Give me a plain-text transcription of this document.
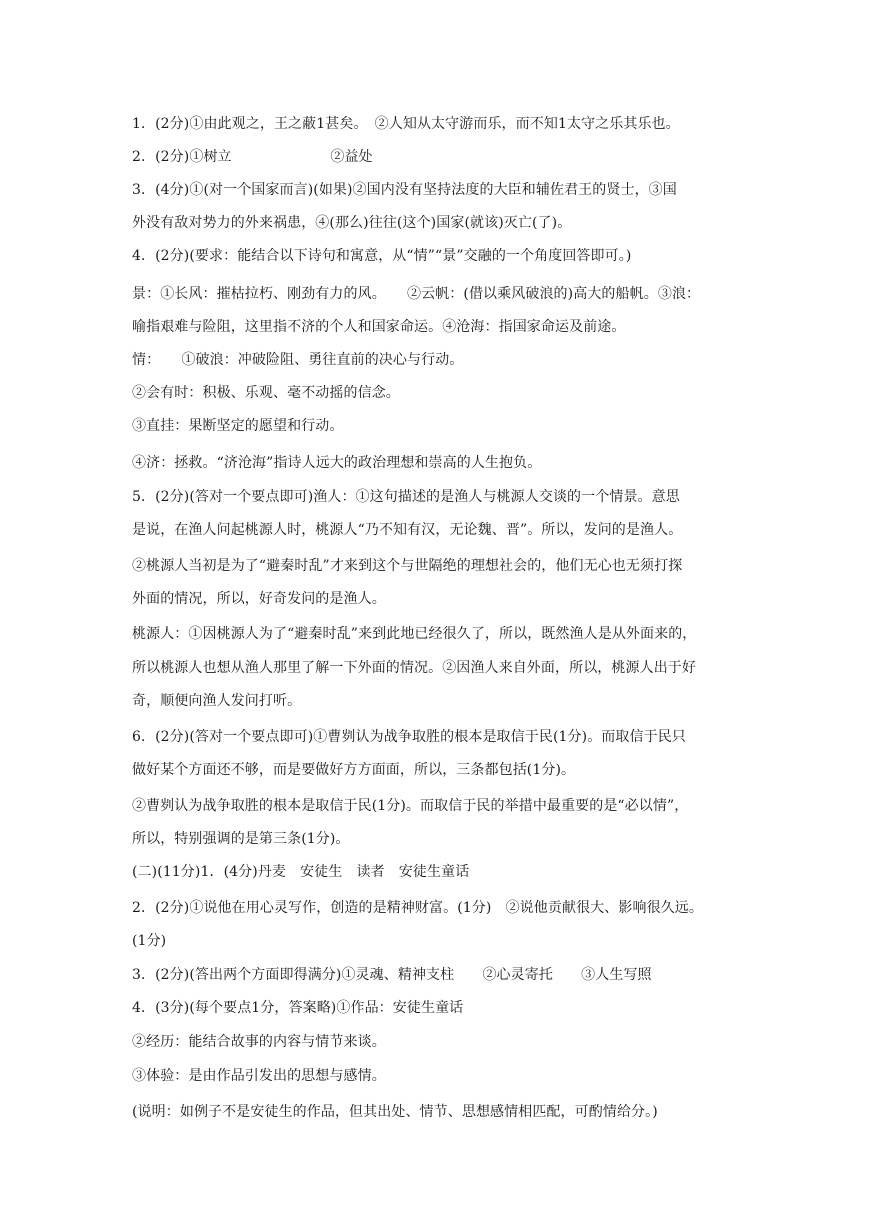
1．(2分)①由此观之，王之蔽1甚矣。　②人知从太守游而乐，而不知1太守之乐其乐也。
2．(2分)①树立　　　　　　　②益处
3．(4分)①(对一个国家而言)(如果)②国内没有坚持法度的大臣和辅佐君王的贤士，③国
外没有敌对势力的外来祸患，④(那么)往往(这个)国家(就该)灭亡(了)。
4．(2分)(要求：能结合以下诗句和寓意，从“情”“景”交融的一个角度回答即可。)
景：①长风：摧枯拉朽、刚劲有力的风。　　②云帆：(借以乘风破浪的)高大的船帆。③浪：
喻指艰难与险阻，这里指不济的个人和国家命运。④沧海：指国家命运及前途。
情：　　①破浪：冲破险阻、勇往直前的决心与行动。
②会有时：积极、乐观、毫不动摇的信念。
③直挂：果断坚定的愿望和行动。
④济：拯救。“济沧海”指诗人远大的政治理想和崇高的人生抱负。
5．(2分)(答对一个要点即可)渔人：①这句描述的是渔人与桃源人交谈的一个情景。意思
是说，在渔人问起桃源人时，桃源人“乃不知有汉，无论魏、晋”。所以，发问的是渔人。
②桃源人当初是为了“避秦时乱”才来到这个与世隔绝的理想社会的，他们无心也无须打探
外面的情况，所以，好奇发问的是渔人。
桃源人：①因桃源人为了“避秦时乱”来到此地已经很久了，所以，既然渔人是从外面来的，
所以桃源人也想从渔人那里了解一下外面的情况。②因渔人来自外面，所以，桃源人出于好
奇，顺便向渔人发问打听。
6．(2分)(答对一个要点即可)①曹刿认为战争取胜的根本是取信于民(1分)。而取信于民只
做好某个方面还不够，而是要做好方方面面，所以，三条都包括(1分)。
②曹刿认为战争取胜的根本是取信于民(1分)。而取信于民的举措中最重要的是“必以情”，
所以，特别强调的是第三条(1分)。
(二)(11分)1．(4分)丹麦　安徒生　读者　安徒生童话
2．(2分)①说他在用心灵写作，创造的是精神财富。(1分)　②说他贡献很大、影响很久远。
(1分)
3．(2分)(答出两个方面即得满分)①灵魂、精神支柱　　②心灵寄托　　③人生写照
4．(3分)(每个要点1分，答案略)①作品：安徒生童话
②经历：能结合故事的内容与情节来谈。
③体验：是由作品引发出的思想与感情。
(说明：如例子不是安徒生的作品，但其出处、情节、思想感情相匹配，可酌情给分。)
